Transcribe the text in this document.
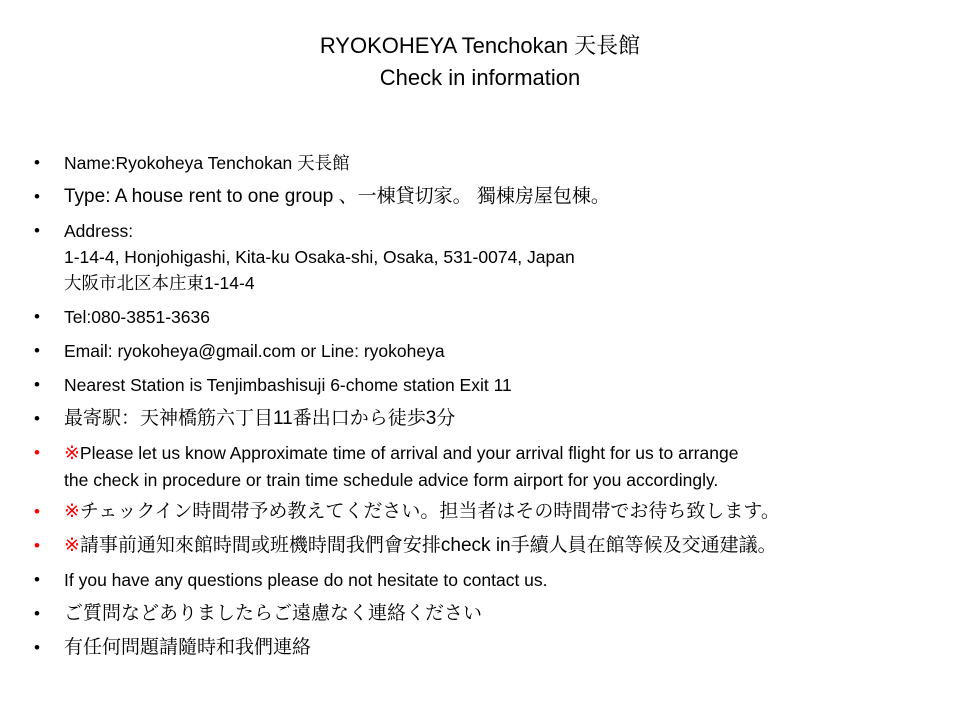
RYOKOHEYA Tenchokan 天長館

Check in information

• Name:Ryokoheya Tenchokan 天長館
• Type: A house rent to one group 、一棟貸切家。 獨棟房屋包棟。
• Address:
1-14-4, Honjohigashi, Kita-ku Osaka-shi, Osaka, 531-0074, Japan
大阪市北区本庄東1-14-4
• Tel:080-3851-3636
• Email: ryokoheya@gmail.com or Line: ryokoheya
• Nearest Station is Tenjimbashisuji 6-chome station Exit 11
• 最寄駅：天神橋筋六丁目11番出口から徒歩3分
• ※Please let us know Approximate time of arrival and your arrival flight for us to arrange
the check in procedure or train time schedule advice form airport for you accordingly.
• ※チェックイン時間帯予め教えてください。担当者はその時間帯でお待ち致します。
• ※請事前通知來館時間或班機時間我們會安排check in手續人員在館等候及交通建議。
• If you have any questions please do not hesitate to contact us.
• ご質問などありましたらご遠慮なく連絡ください
• 有任何問題請隨時和我們連絡
